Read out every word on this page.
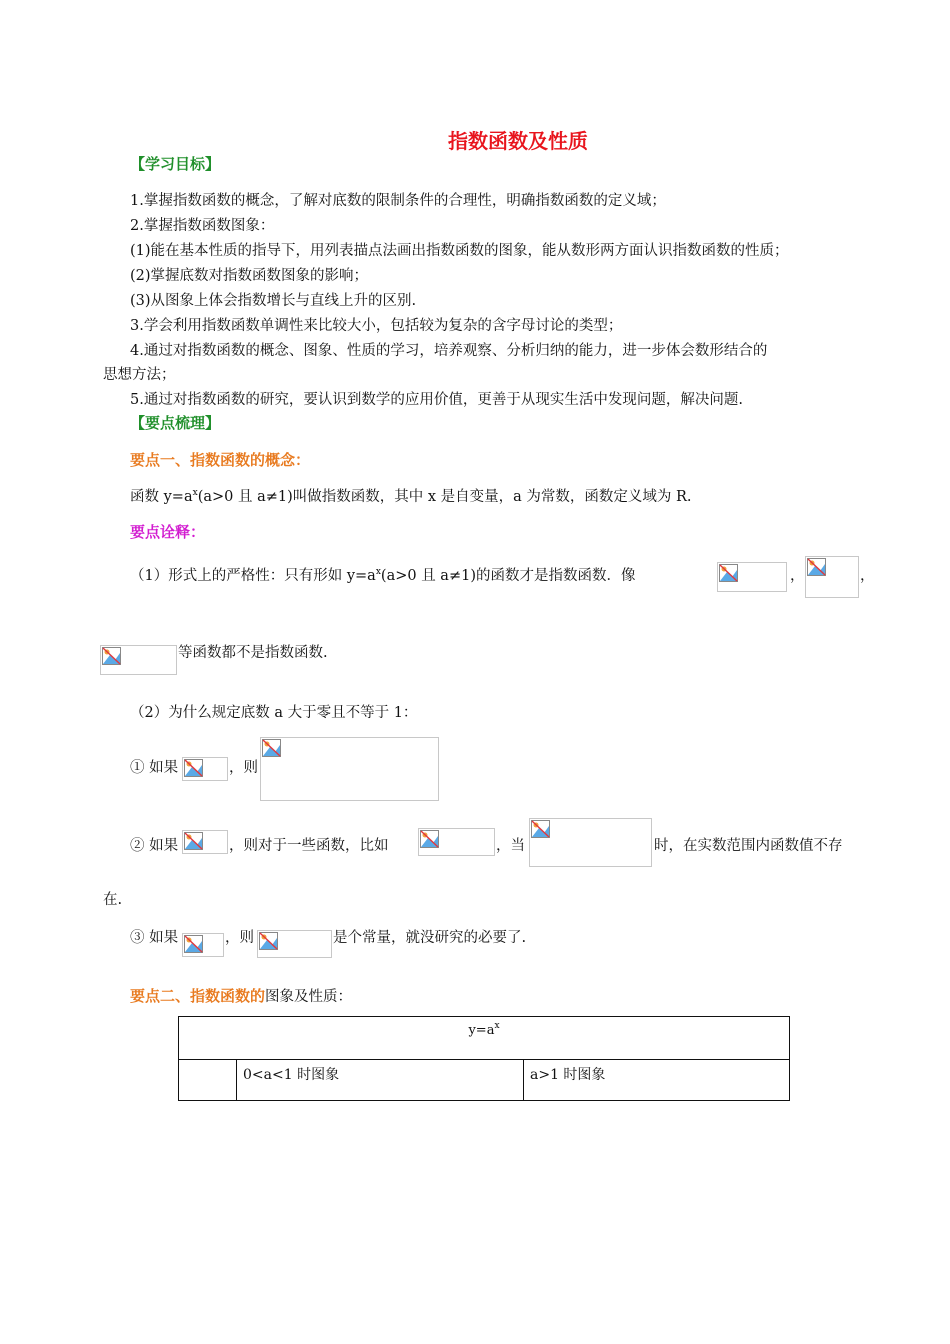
指数函数及性质
【学习目标】
1.掌握指数函数的概念，了解对底数的限制条件的合理性，明确指数函数的定义域；
2.掌握指数函数图象：
(1)能在基本性质的指导下，用列表描点法画出指数函数的图象，能从数形两方面认识指数函数的性质；
(2)掌握底数对指数函数图象的影响；
(3)从图象上体会指数增长与直线上升的区别.
3.学会利用指数函数单调性来比较大小，包括较为复杂的含字母讨论的类型；
4.通过对指数函数的概念、图象、性质的学习，培养观察、分析归纳的能力，进一步体会数形结合的
思想方法；
5.通过对指数函数的研究，要认识到数学的应用价值，更善于从现实生活中发现问题，解决问题.
【要点梳理】
要点一、指数函数的概念：
函数 $y=a^x(a>0$ 且 a≠1)叫做指数函数，其中 x 是自变量，a 为常数，函数定义域为 R.
要点诠释：
（1）形式上的严格性：只有形如 $y=a^x(a>0$ 且 a≠1)的函数才是指数函数．像	，	，
等函数都不是指数函数.
（2）为什么规定底数 a 大于零且不等于 1：
① 如果	，则
② 如果	，则对于一些函数，比如	，当	时，在实数范围内函数值不存
在.
③ 如果	，则	是个常量，就没研究的必要了.
要点二、指数函数的图象及性质：
$y=a^x$
	0<a<1 时图象	a>1 时图象
